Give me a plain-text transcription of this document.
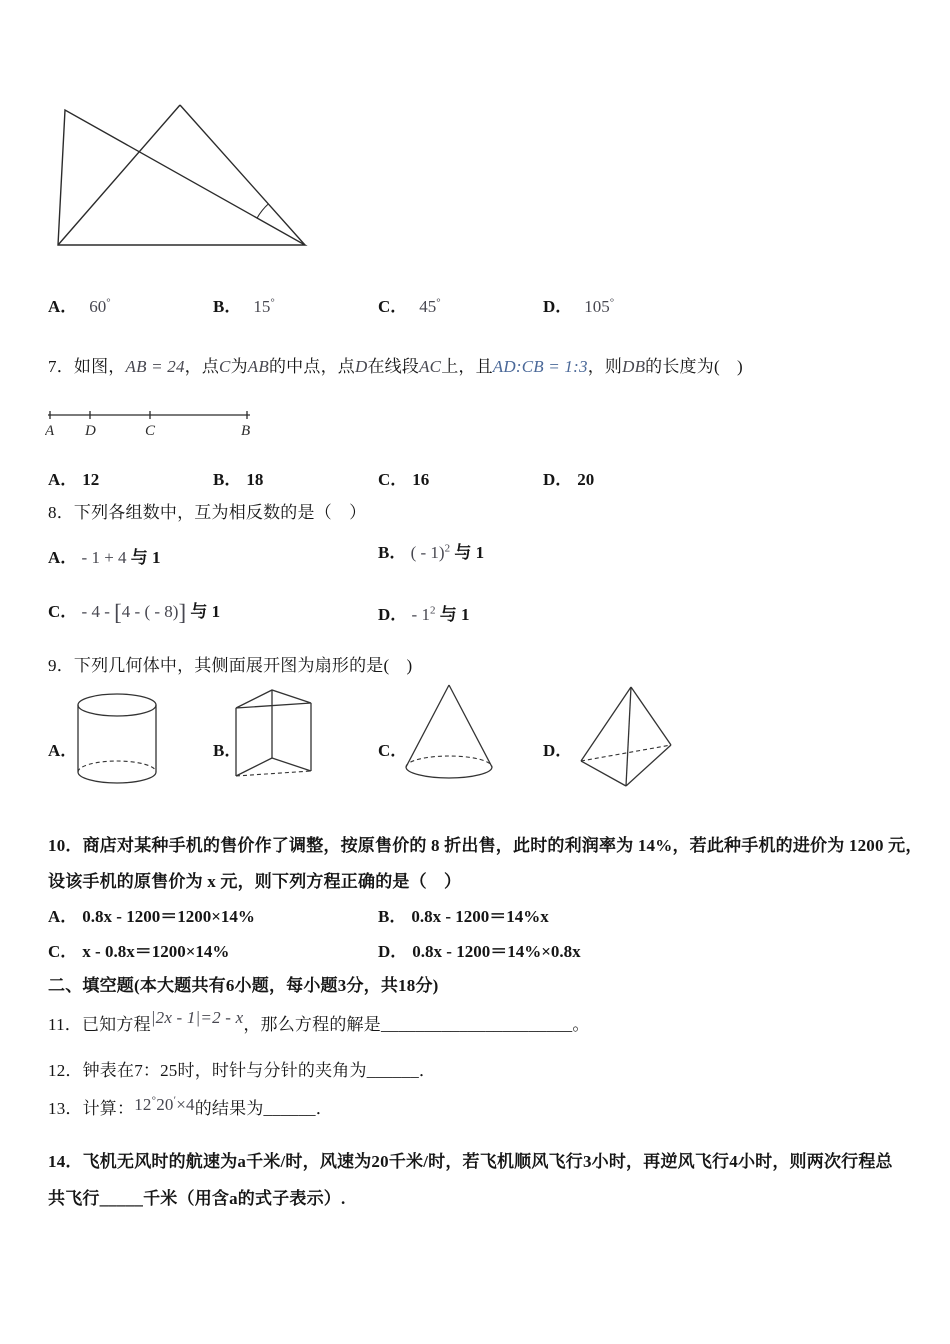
A． 60°	B． 15°	C． 45°	D． 105°
7．如图，AB = 24，点C为AB的中点，点D在线段AC上，且AD:CB = 1:3，则DB的长度为(　)
A D	C	B
A． 12	B． 18	C． 16	D． 20
8．下列各组数中，互为相反数的是（　）
A． - 1 + 4 与 1	B． ( - 1)$^2$ 与 1
C． - 4 - [4 - ( - 8)] 与 1	D． - $1^2$ 与 1
9．下列几何体中，其侧面展开图为扇形的是(　)
A．	B．	C．	D．
10．商店对某种手机的售价作了调整，按原售价的 8 折出售，此时的利润率为 14%，若此种手机的进价为 1200 元，
设该手机的原售价为 x 元，则下列方程正确的是（　）
A． 0.8x - 1200＝1200×14%	B． 0.8x - 1200＝14%x
C． x - 0.8x＝1200×14%	D． 0.8x - 1200＝14%×0.8x
二、填空题(本大题共有6小题，每小题3分，共18分)
11．已知方程|2x - 1|=2 - x，那么方程的解是______________________。
12．钟表在7：25时，时针与分针的夹角为______．
13．计算：12°20′×4的结果为______．
14．飞机无风时的航速为a千米/时，风速为20千米/时，若飞机顺风飞行3小时，再逆风飞行4小时，则两次行程总
共飞行_____千米（用含a的式子表示）.
